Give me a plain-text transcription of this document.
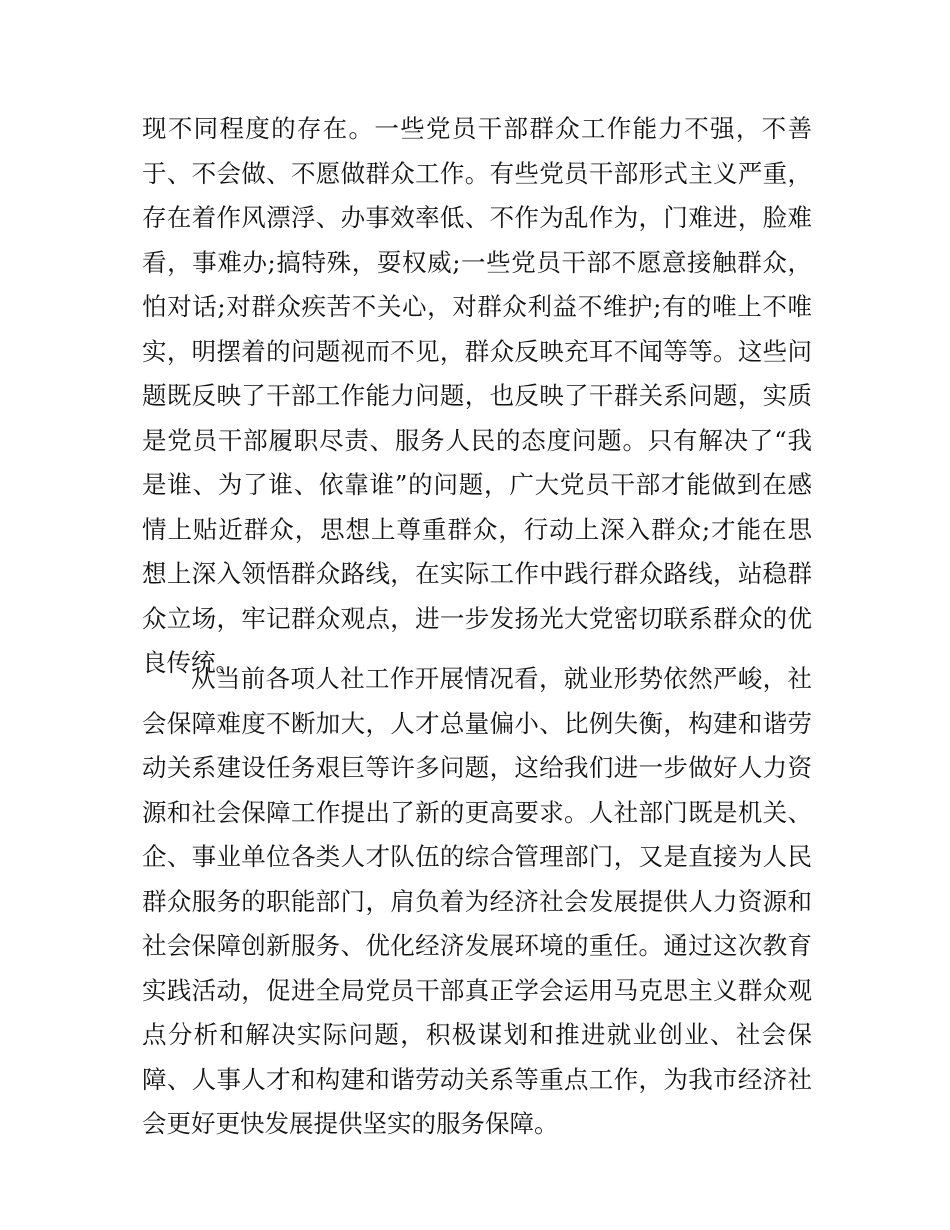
现不同程度的存在。一些党员干部群众工作能力不强，不善
于、不会做、不愿做群众工作。有些党员干部形式主义严重，
存在着作风漂浮、办事效率低、不作为乱作为，门难进，脸难
看，事难办;搞特殊，耍权威;一些党员干部不愿意接触群众，
怕对话;对群众疾苦不关心，对群众利益不维护;有的唯上不唯
实，明摆着的问题视而不见，群众反映充耳不闻等等。这些问
题既反映了干部工作能力问题，也反映了干群关系问题，实质
是党员干部履职尽责、服务人民的态度问题。只有解决了“我
是谁、为了谁、依靠谁”的问题，广大党员干部才能做到在感
情上贴近群众，思想上尊重群众，行动上深入群众;才能在思
想上深入领悟群众路线，在实际工作中践行群众路线，站稳群
众立场，牢记群众观点，进一步发扬光大党密切联系群众的优
良传统。
从当前各项人社工作开展情况看，就业形势依然严峻，社
会保障难度不断加大，人才总量偏小、比例失衡，构建和谐劳
动关系建设任务艰巨等许多问题，这给我们进一步做好人力资
源和社会保障工作提出了新的更高要求。人社部门既是机关、
企、事业单位各类人才队伍的综合管理部门，又是直接为人民
群众服务的职能部门，肩负着为经济社会发展提供人力资源和
社会保障创新服务、优化经济发展环境的重任。通过这次教育
实践活动，促进全局党员干部真正学会运用马克思主义群众观
点分析和解决实际问题，积极谋划和推进就业创业、社会保
障、人事人才和构建和谐劳动关系等重点工作，为我市经济社
会更好更快发展提供坚实的服务保障。
